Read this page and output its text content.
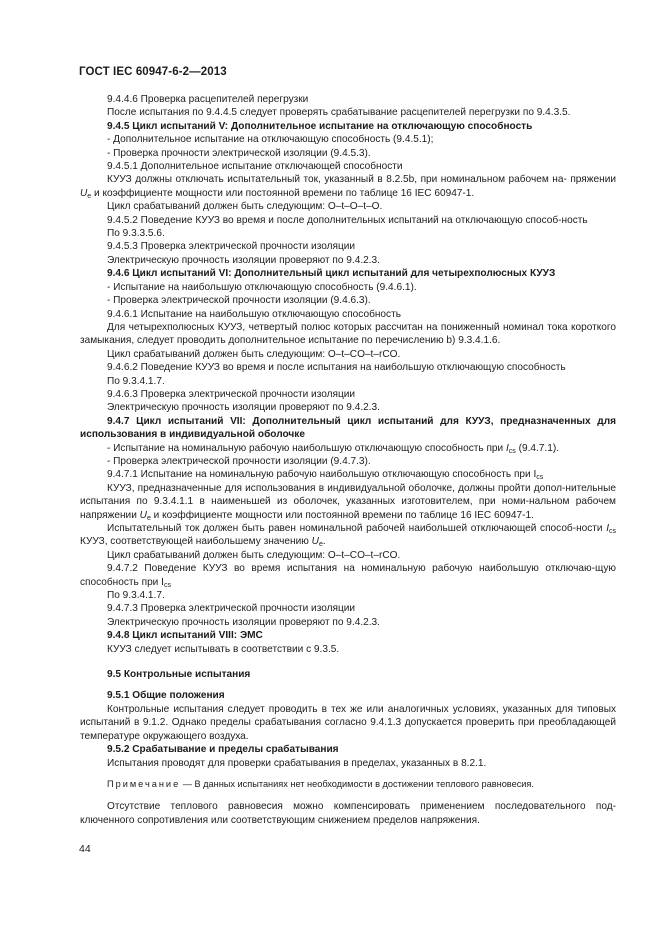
ГОСТ IEC 60947-6-2—2013

9.4.4.6 Проверка расцепителей перегрузки

После испытания по 9.4.4.5 следует проверять срабатывание расцепителей перегрузки по 9.4.3.5.

9.4.5 Цикл испытаний V: Дополнительное испытание на отключающую способность

- Дополнительное испытание на отключающую способность (9.4.5.1);

- Проверка прочности электрической изоляции (9.4.5.3).

9.4.5.1 Дополнительное испытание отключающей способности

КУУЗ должны отключать испытательный ток, указанный в 8.2.5b, при номинальном рабочем на- пряжении $U_e$ и коэффициенте мощности или постоянной времени по таблице 16 IEC 60947-1.

Цикл срабатываний должен быть следующим: O–t–O–t–O.

9.4.5.2 Поведение КУУЗ во время и после дополнительных испытаний на отключающую способ-ность

По 9.3.3.5.6.

9.4.5.3 Проверка электрической прочности изоляции

Электрическую прочность изоляции проверяют по 9.4.2.3.

9.4.6 Цикл испытаний VI: Дополнительный цикл испытаний для четырехполюсных КУУЗ

- Испытание на наибольшую отключающую способность (9.4.6.1).

- Проверка электрической прочности изоляции (9.4.6.3).

9.4.6.1 Испытание на наибольшую отключающую способность

Для четырехполюсных КУУЗ, четвертый полюс которых рассчитан на пониженный номинал тока короткого замыкания, следует проводить дополнительное испытание по перечислению b) 9.3.4.1.6.

Цикл срабатываний должен быть следующим: O–t–CO–t–rCO.

9.4.6.2 Поведение КУУЗ во время и после испытания на наибольшую отключающую способность

По 9.3.4.1.7.

9.4.6.3 Проверка электрической прочности изоляции

Электрическую прочность изоляции проверяют по 9.4.2.3.

9.4.7 Цикл испытаний VII: Дополнительный цикл испытаний для КУУЗ, предназначенных для использования в индивидуальной оболочке

- Испытание на номинальную рабочую наибольшую отключающую способность при $I_{cs}$ (9.4.7.1).

- Проверка электрической прочности изоляции (9.4.7.3).

9.4.7.1 Испытание на номинальную рабочую наибольшую отключающую способность при $I_{cs}$

КУУЗ, предназначенные для использования в индивидуальной оболочке, должны пройти допол-нительные испытания по 9.3.4.1.1 в наименьшей из оболочек, указанных изготовителем, при номи-нальном рабочем напряжении $U_e$ и коэффициенте мощности или постоянной времени по таблице 16 IEC 60947-1.

Испытательный ток должен быть равен номинальной рабочей наибольшей отключающей способ-ности $I_{cs}$ КУУЗ, соответствующей наибольшему значению $U_e$.

Цикл срабатываний должен быть следующим: O–t–CO–t–rCO.

9.4.7.2 Поведение КУУЗ во время испытания на номинальную рабочую наибольшую отключаю-щую способность при $I_{cs}$

По 9.3.4.1.7.

9.4.7.3 Проверка электрической прочности изоляции

Электрическую прочность изоляции проверяют по 9.4.2.3.

9.4.8 Цикл испытаний VIII: ЭМС

КУУЗ следует испытывать в соответствии с 9.3.5.

9.5 Контрольные испытания

9.5.1 Общие положения

Контрольные испытания следует проводить в тех же или аналогичных условиях, указанных для типовых испытаний в 9.1.2. Однако пределы срабатывания согласно 9.4.1.3 допускается проверить при преобладающей температуре окружающего воздуха.

9.5.2 Срабатывание и пределы срабатывания

Испытания проводят для проверки срабатывания в пределах, указанных в 8.2.1.

Примечание — В данных испытаниях нет необходимости в достижении теплового равновесия.

Отсутствие теплового равновесия можно компенсировать применением последовательного под-ключенного сопротивления или соответствующим снижением пределов напряжения.

44
